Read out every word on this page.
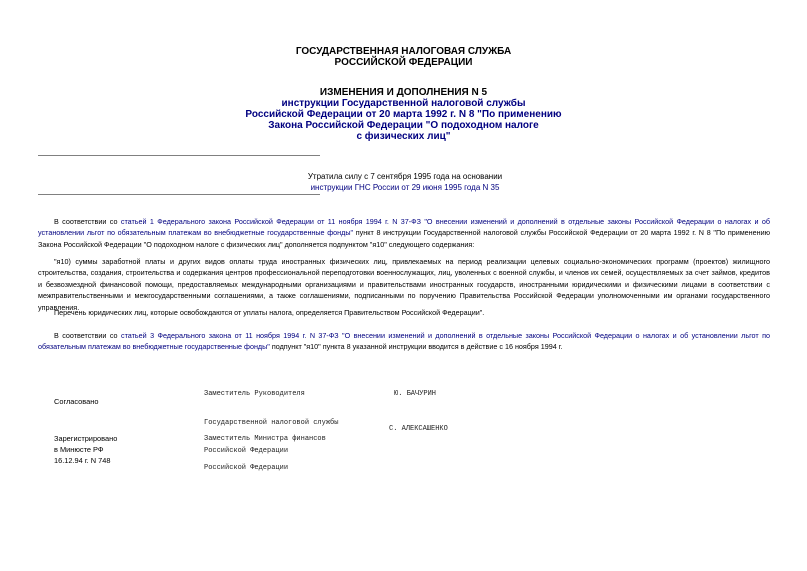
ГОСУДАРСТВЕННАЯ НАЛОГОВАЯ СЛУЖБА
РОССИЙСКОЙ ФЕДЕРАЦИИ
ИЗМЕНЕНИЯ И ДОПОЛНЕНИЯ N 5
инструкции Государственной налоговой службы
Российской Федерации от 20 марта 1992 г. N 8 "По применению
Закона Российской Федерации "О подоходном налоге
с физических лиц"
Утратила силу с 7 сентября 1995 года на основании
инструкции ГНС России от 29 июня 1995 года N 35
В соответствии со статьей 1 Федерального закона Российской Федерации от 11 ноября 1994 г. N 37-ФЗ "О внесении изменений и дополнений в отдельные законы Российской Федерации о налогах и об установлении льгот по обязательным платежам во внебюджетные государственные фонды" пункт 8 инструкции Государственной налоговой службы Российской Федерации от 20 марта 1992 г. N 8 "По применению Закона Российской Федерации "О подоходном налоге с физических лиц" дополняется подпунктом "я10" следующего содержания:
"я10) суммы заработной платы и других видов оплаты труда иностранных физических лиц, привлекаемых на период реализации целевых социально-экономических программ (проектов) жилищного строительства, создания, строительства и содержания центров профессиональной переподготовки военнослужащих, лиц, уволенных с военной службы, и членов их семей, осуществляемых за счет займов, кредитов и безвозмездной финансовой помощи, предоставляемых международными организациями и правительствами иностранных государств, иностранными юридическими и физическими лицами в соответствии с межправительственными и межгосударственными соглашениями, а также соглашениями, подписанными по поручению Правительства Российской Федерации уполномоченными им органами государственного управления.
Перечень юридических лиц, которые освобождаются от уплаты налога, определяется Правительством Российской Федерации".
В соответствии со статьей 3 Федерального закона от 11 ноября 1994 г. N 37-ФЗ "О внесении изменений и дополнений в отдельные законы Российской Федерации о налогах и об установлении льгот по обязательным платежам во внебюджетные государственные фонды" подпункт "я10" пункта 8 указанной инструкции вводится в действие с 16 ноября 1994 г.

Заместитель Руководителя

Государственной налоговой службы

Российской Федерации

Ю. БАЧУРИН
Согласовано

Заместитель Министра финансов

Российской Федерации

С. АЛЕКСАШЕНКО
Зарегистрировано
в Минюсте РФ
16.12.94 г. N 748
